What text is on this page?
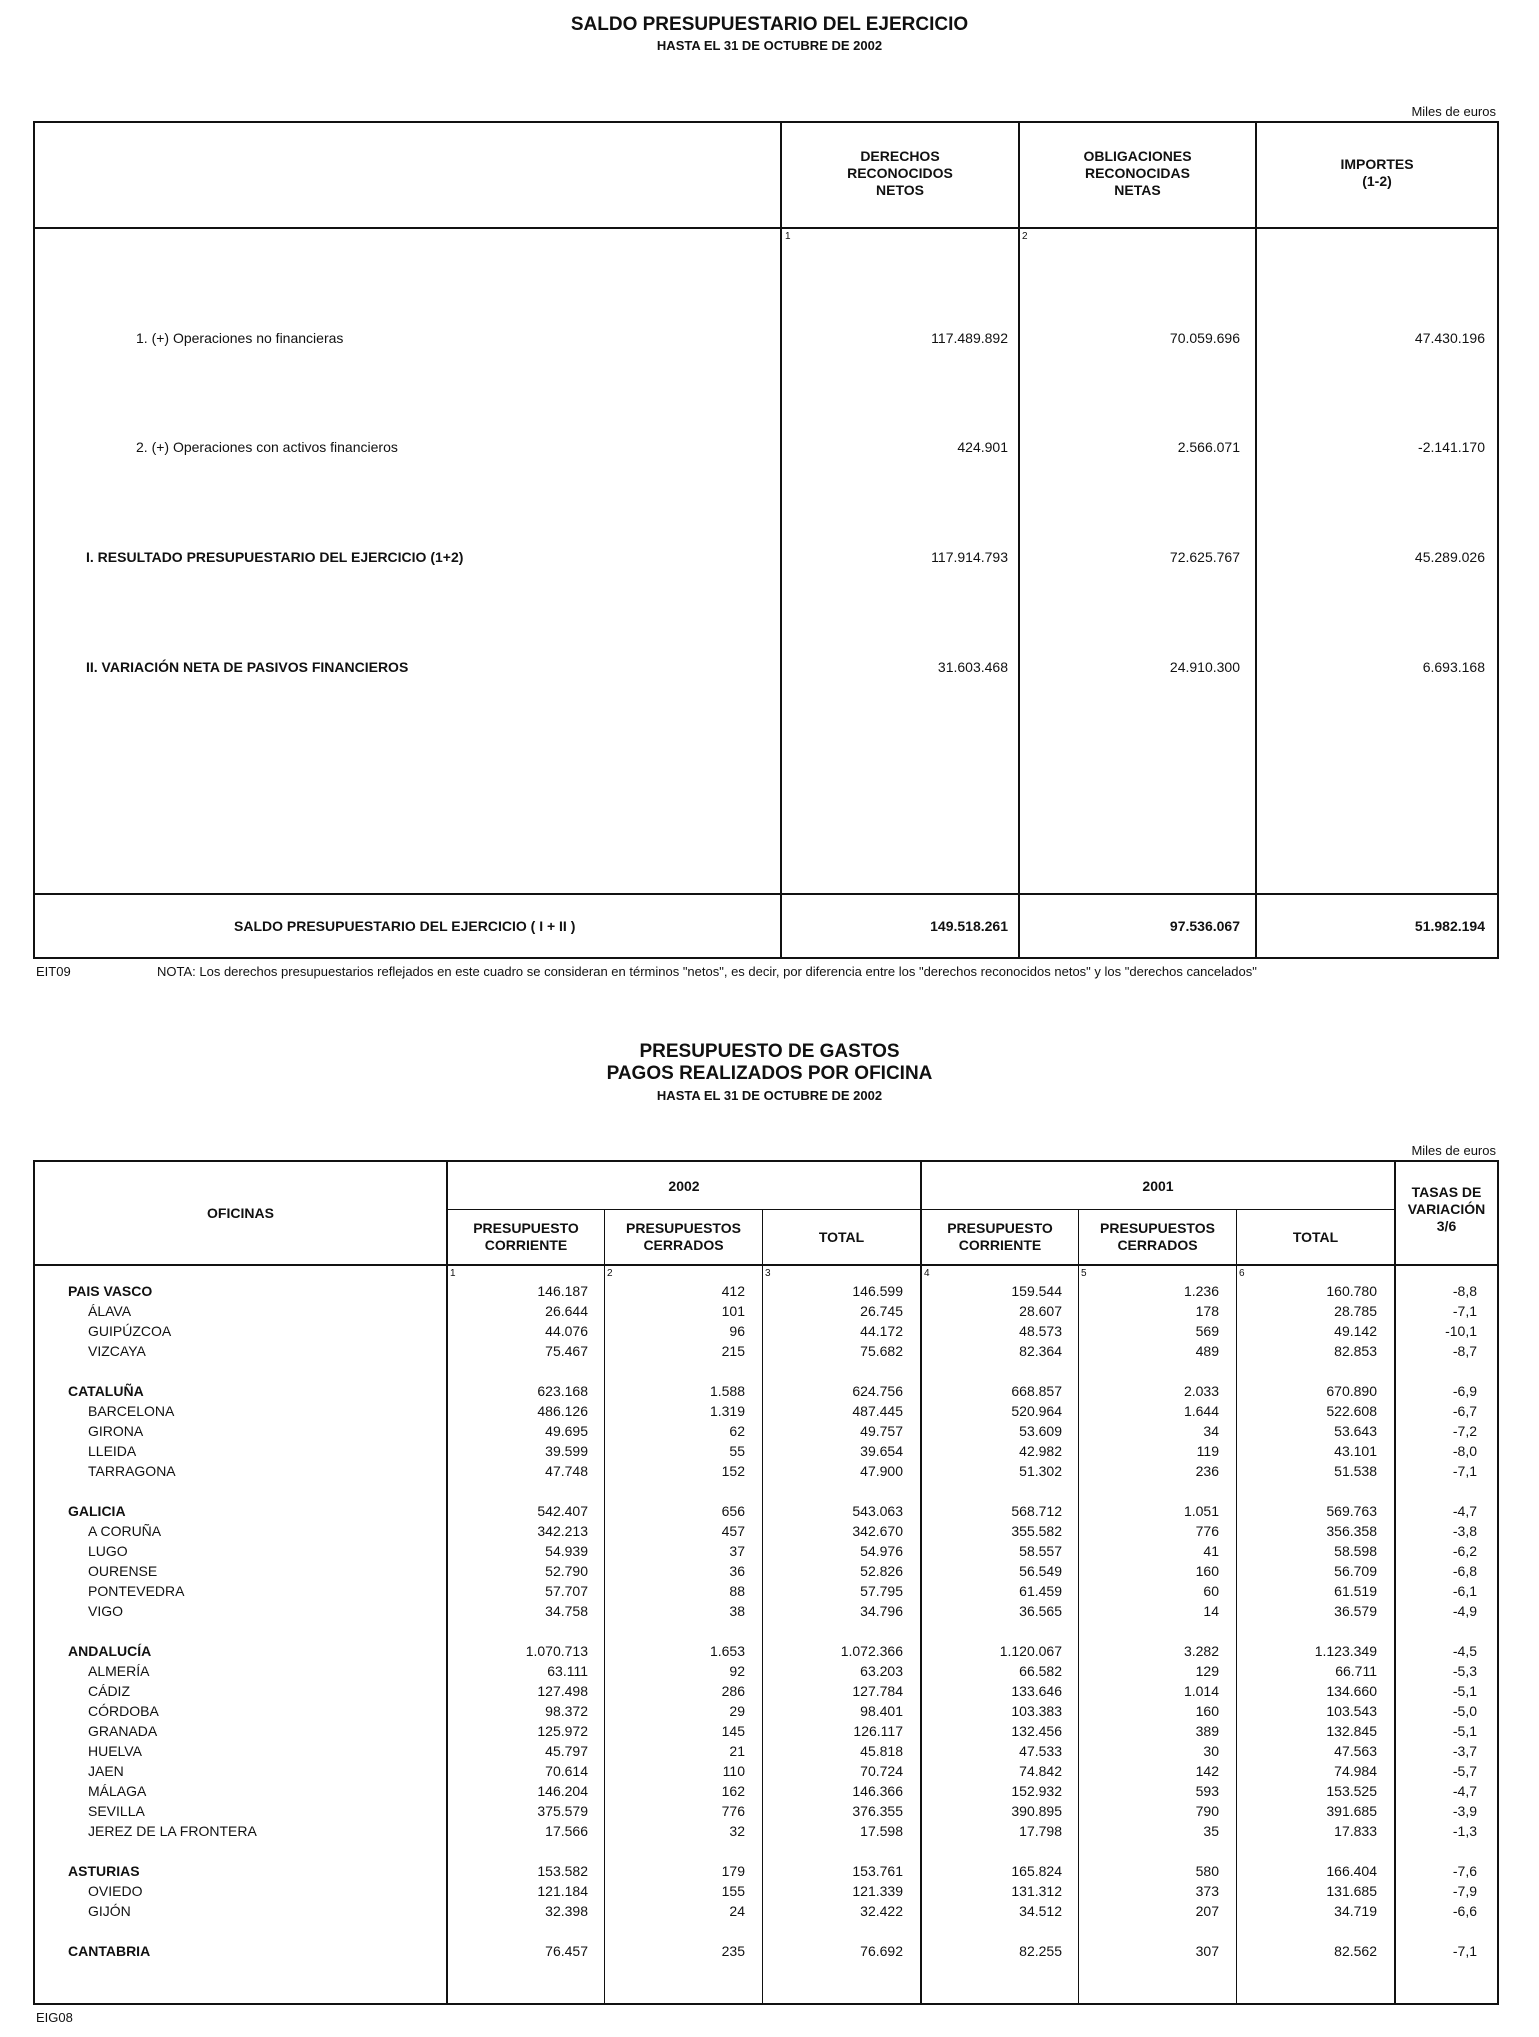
SALDO PRESUPUESTARIO DEL EJERCICIO
HASTA EL 31 DE OCTUBRE DE 2002
Miles de euros
DERECHOS
RECONOCIDOS
NETOS
OBLIGACIONES
RECONOCIDAS
NETAS
IMPORTES
(1-2)
1	2
1. (+) Operaciones no financieras	117.489.892	70.059.696	47.430.196
2. (+) Operaciones con activos financieros	424.901	2.566.071	-2.141.170
I. RESULTADO PRESUPUESTARIO DEL EJERCICIO (1+2)	117.914.793	72.625.767	45.289.026
II. VARIACIÓN NETA DE PASIVOS FINANCIEROS	31.603.468	24.910.300	6.693.168
SALDO PRESUPUESTARIO DEL EJERCICIO ( I + II )	149.518.261	97.536.067	51.982.194
EIT09	NOTA: Los derechos presupuestarios reflejados en este cuadro se consideran en términos "netos", es decir, por diferencia entre los "derechos reconocidos netos" y los "derechos cancelados"
PRESUPUESTO DE GASTOS
PAGOS REALIZADOS POR OFICINA
HASTA EL 31 DE OCTUBRE DE 2002
Miles de euros
OFICINAS
2002	2001	TASAS DE
VARIACIÓN
3/6
PRESUPUESTO
CORRIENTE
PRESUPUESTOS
CERRADOS	TOTAL
PRESUPUESTO
CORRIENTE
PRESUPUESTOS
CERRADOS	TOTAL
1	2	3	4	5	6
PAIS VASCO	146.187	412	146.599	159.544	1.236	160.780	-8,8
ÁLAVA	26.644	101	26.745	28.607	178	28.785	-7,1
GUIPÚZCOA	44.076	96	44.172	48.573	569	49.142	-10,1
VIZCAYA	75.467	215	75.682	82.364	489	82.853	-8,7
CATALUÑA	623.168	1.588	624.756	668.857	2.033	670.890	-6,9
BARCELONA	486.126	1.319	487.445	520.964	1.644	522.608	-6,7
GIRONA	49.695	62	49.757	53.609	34	53.643	-7,2
LLEIDA	39.599	55	39.654	42.982	119	43.101	-8,0
TARRAGONA	47.748	152	47.900	51.302	236	51.538	-7,1
GALICIA	542.407	656	543.063	568.712	1.051	569.763	-4,7
A CORUÑA	342.213	457	342.670	355.582	776	356.358	-3,8
LUGO	54.939	37	54.976	58.557	41	58.598	-6,2
OURENSE	52.790	36	52.826	56.549	160	56.709	-6,8
PONTEVEDRA	57.707	88	57.795	61.459	60	61.519	-6,1
VIGO	34.758	38	34.796	36.565	14	36.579	-4,9
ANDALUCÍA	1.070.713	1.653	1.072.366	1.120.067	3.282	1.123.349	-4,5
ALMERÍA	63.111	92	63.203	66.582	129	66.711	-5,3
CÁDIZ	127.498	286	127.784	133.646	1.014	134.660	-5,1
CÓRDOBA	98.372	29	98.401	103.383	160	103.543	-5,0
GRANADA	125.972	145	126.117	132.456	389	132.845	-5,1
HUELVA	45.797	21	45.818	47.533	30	47.563	-3,7
JAEN	70.614	110	70.724	74.842	142	74.984	-5,7
MÁLAGA	146.204	162	146.366	152.932	593	153.525	-4,7
SEVILLA	375.579	776	376.355	390.895	790	391.685	-3,9
JEREZ DE LA FRONTERA	17.566	32	17.598	17.798	35	17.833	-1,3
ASTURIAS	153.582	179	153.761	165.824	580	166.404	-7,6
OVIEDO	121.184	155	121.339	131.312	373	131.685	-7,9
GIJÓN	32.398	24	32.422	34.512	207	34.719	-6,6
CANTABRIA	76.457	235	76.692	82.255	307	82.562	-7,1
EIG08
